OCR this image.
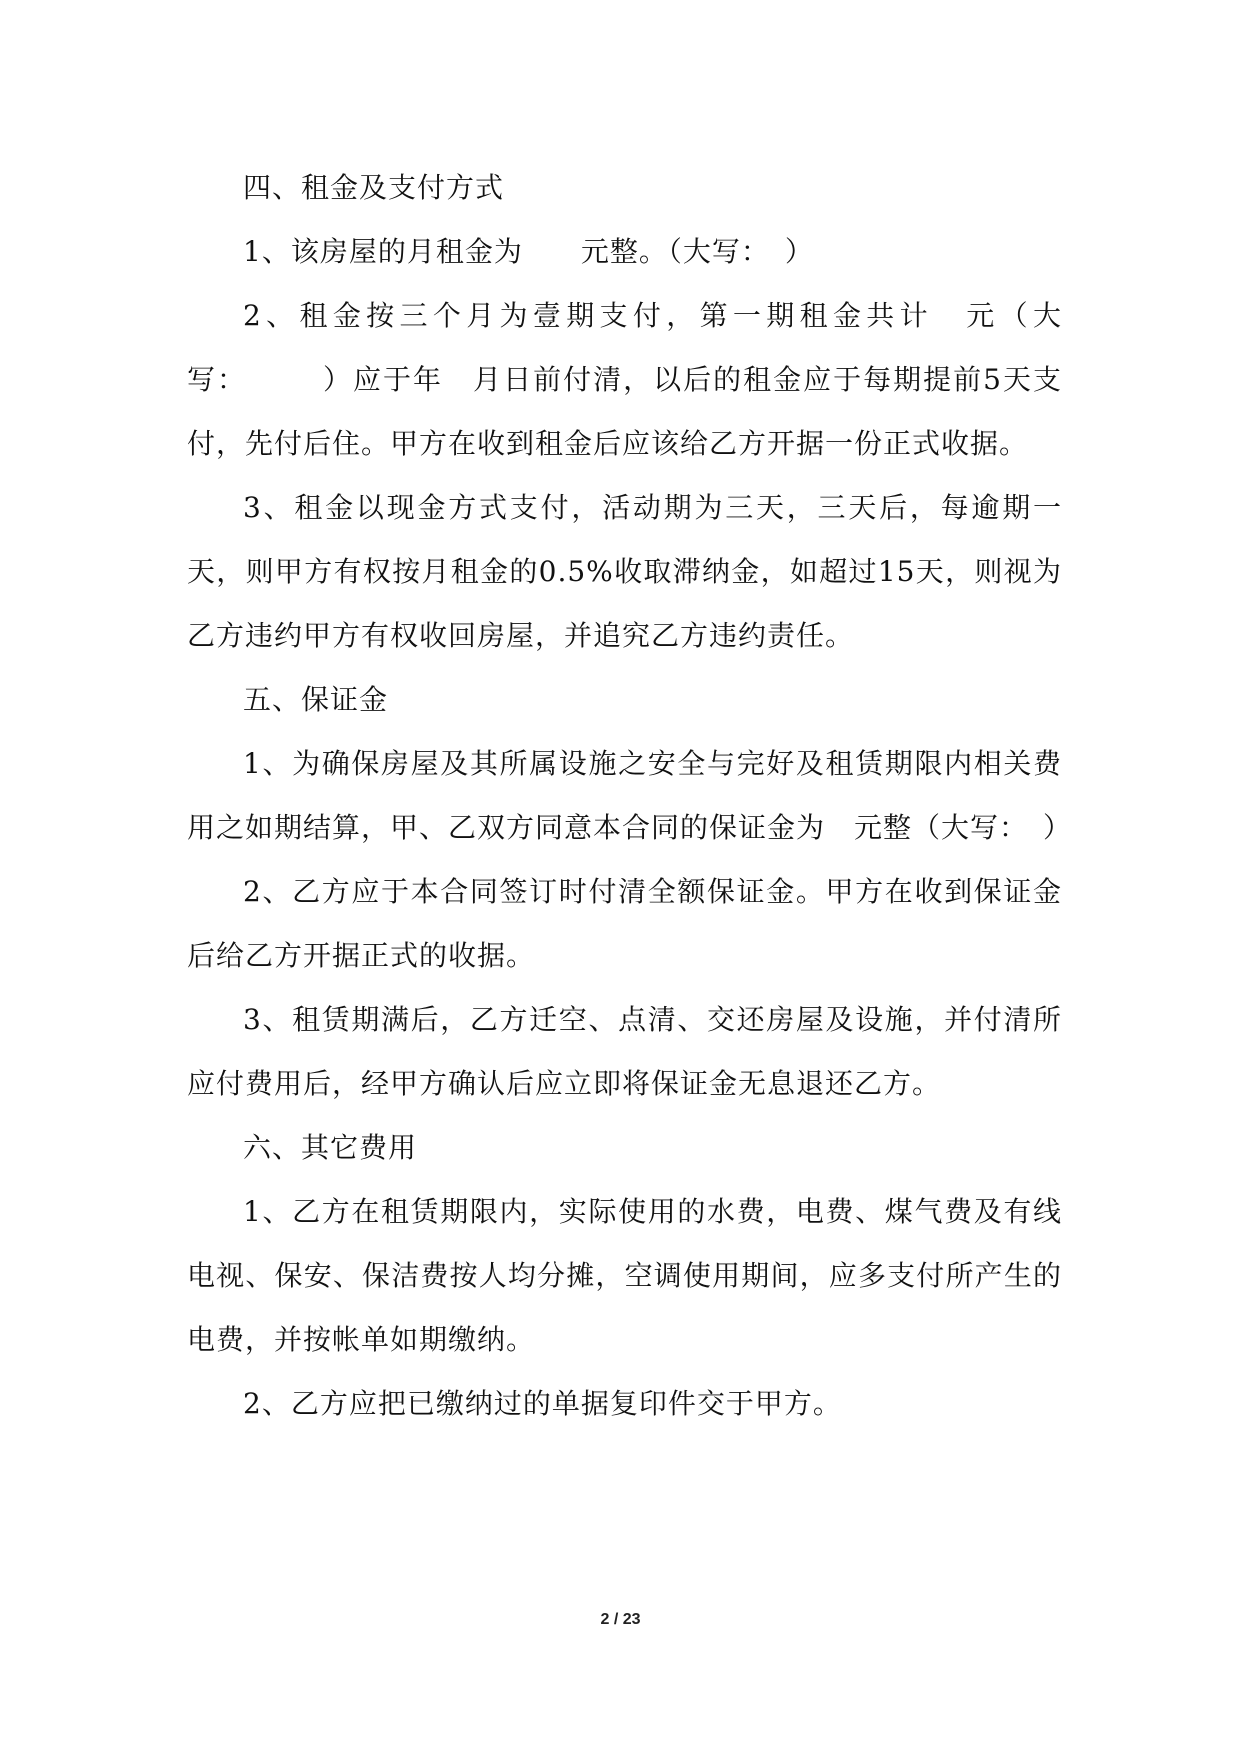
四、租金及支付方式

1、该房屋的月租金为　　元整。（大写：　）

2、租金按三个月为壹期支付，第一期租金共计　元（大写：　　　）应于年　月日前付清，以后的租金应于每期提前5天支付，先付后住。甲方在收到租金后应该给乙方开据一份正式收据。

3、租金以现金方式支付，活动期为三天，三天后，每逾期一天，则甲方有权按月租金的0.5%收取滞纳金，如超过15天，则视为乙方违约甲方有权收回房屋，并追究乙方违约责任。

五、保证金

1、为确保房屋及其所属设施之安全与完好及租赁期限内相关费用之如期结算，甲、乙双方同意本合同的保证金为　元整（大写：　）

2、乙方应于本合同签订时付清全额保证金。甲方在收到保证金后给乙方开据正式的收据。

3、租赁期满后，乙方迁空、点清、交还房屋及设施，并付清所应付费用后，经甲方确认后应立即将保证金无息退还乙方。

六、其它费用

1、乙方在租赁期限内，实际使用的水费，电费、煤气费及有线电视、保安、保洁费按人均分摊，空调使用期间，应多支付所产生的电费，并按帐单如期缴纳。

2、乙方应把已缴纳过的单据复印件交于甲方。

2 / 23
